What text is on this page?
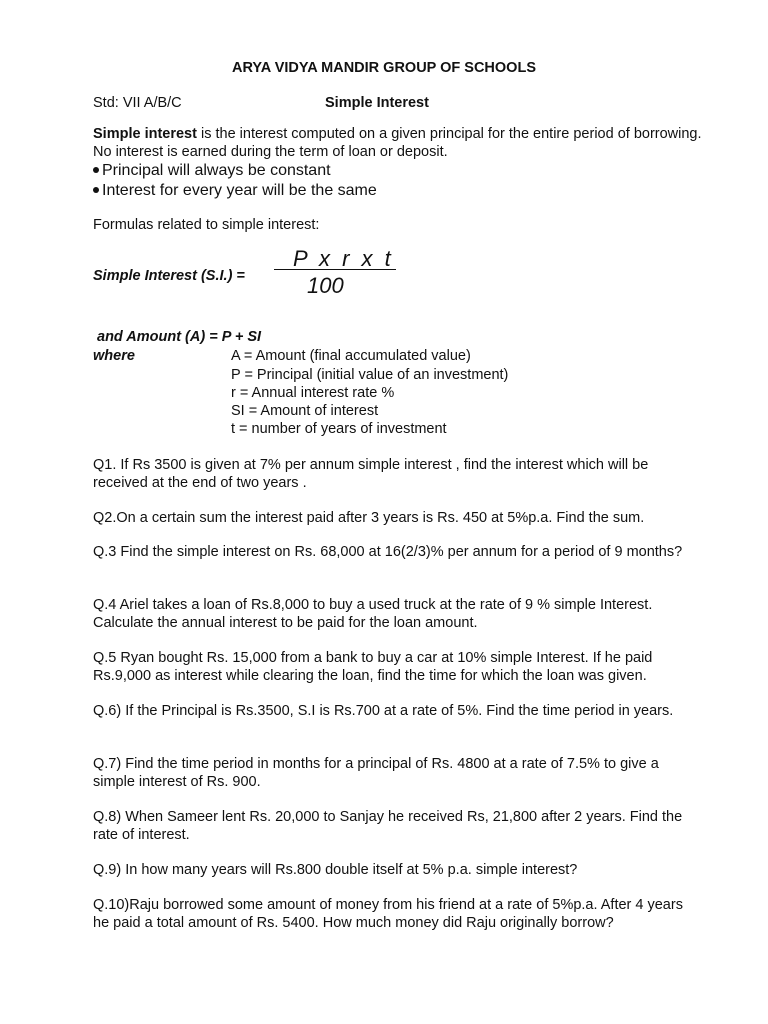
ARYA VIDYA MANDIR GROUP OF SCHOOLS
Std: VII A/B/C	Simple Interest
Simple interest is the interest computed on a given principal for the entire period of borrowing. No interest is earned during the term of loan or deposit.
Principal will always be constant
Interest for every year will be the same
Formulas related to simple interest:
Simple Interest (S.I.) =
P x r x t
100
and Amount (A) = P + SI
where	A = Amount (final accumulated value)
P = Principal (initial value of an investment)
r = Annual interest rate %
SI = Amount of interest
t = number of years of investment
Q1. If Rs 3500 is given at 7% per annum simple interest , find the interest which will be received at the end of two years .
Q2.On a certain sum the interest paid after 3 years is Rs. 450 at 5%p.a. Find the sum.
Q.3 Find the simple interest on Rs. 68,000 at 16(2/3)% per annum for a period of 9 months?
Q.4 Ariel takes a loan of Rs.8,000 to buy a used truck at the rate of 9 % simple Interest. Calculate the annual interest to be paid for the loan amount.
Q.5 Ryan bought Rs. 15,000 from a bank to buy a car at 10% simple Interest. If he paid Rs.9,000 as interest while clearing the loan, find the time for which the loan was given.
Q.6) If the Principal is Rs.3500, S.I is Rs.700 at a rate of 5%. Find the time period in years.
Q.7) Find the time period in months for a principal of Rs. 4800 at a rate of 7.5% to give a simple interest of Rs. 900.
Q.8) When Sameer lent Rs. 20,000 to Sanjay he received Rs, 21,800 after 2 years. Find the rate of interest.
Q.9) In how many years will Rs.800 double itself at 5% p.a. simple interest?
Q.10)Raju borrowed some amount of money from his friend at a rate of 5%p.a. After 4 years he paid a total amount of Rs. 5400. How much money did Raju originally borrow?
